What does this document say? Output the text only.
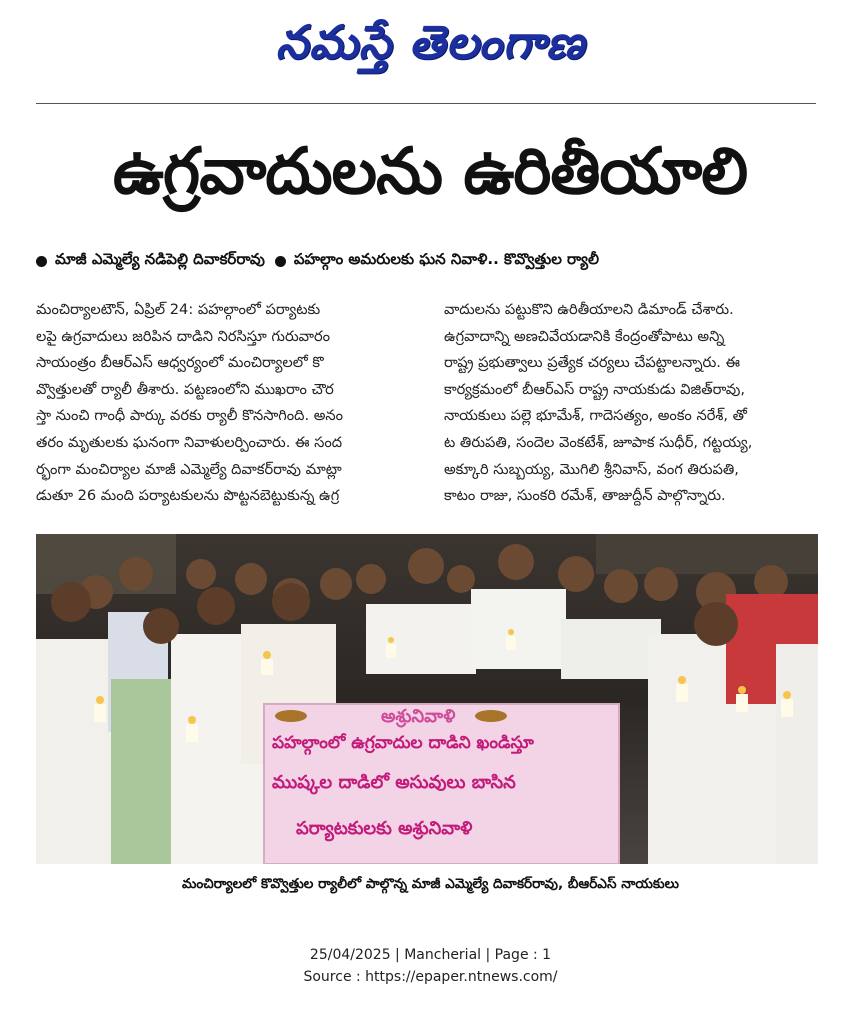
నమస్తే తెలంగాణ
ఉగ్రవాదులను ఉరితీయాలి
మాజీ ఎమ్మెల్యే నడిపెల్లి దివాకర్‌రావు పహల్గాం అమరులకు ఘన నివాళి.. కొవ్వొత్తుల ర్యాలీ
మంచిర్యాలటౌన్, ఏప్రిల్ 24: పహల్గాంలో పర్యాటకు
లపై ఉగ్రవాదులు జరిపిన దాడిని నిరసిస్తూ గురువారం
సాయంత్రం బీఆర్ఎస్ ఆధ్వర్యంలో మంచిర్యాలలో కొ
వ్వొత్తులతో ర్యాలీ తీశారు. పట్టణంలోని ముఖరాం చౌర
స్తా నుంచి గాంధీ పార్కు వరకు ర్యాలీ కొనసాగింది. అనం
తరం మృతులకు ఘనంగా నివాళులర్పించారు. ఈ సంద
ర్భంగా మంచిర్యాల మాజీ ఎమ్మెల్యే దివాకర్‌రావు మాట్లా
డుతూ 26 మంది పర్యాటకులను పొట్టనబెట్టుకున్న ఉగ్ర
వాదులను పట్టుకొని ఉరితీయాలని డిమాండ్ చేశారు.
ఉగ్రవాదాన్ని అణచివేయడానికి కేంద్రంతోపాటు అన్ని
రాష్ట్ర ప్రభుత్వాలు ప్రత్యేక చర్యలు చేపట్టాలన్నారు. ఈ
కార్యక్రమంలో బీఆర్ఎస్ రాష్ట్ర నాయకుడు విజిత్‌రావు,
నాయకులు పల్లె భూమేశ్, గాదెసత్యం, అంకం నరేశ్, తో
ట తిరుపతి, సందెల వెంకటేశ్, జూపాక సుధీర్, గట్టయ్య,
అక్కూరి సుబ్బయ్య, మొగిలి శ్రీనివాస్, వంగ తిరుపతి,
కాటం రాజు, సుంకరి రమేశ్, తాజుద్దీన్ పాల్గొన్నారు.
అశ్రునివాళి
పహల్గాంలో ఉగ్రవాదుల దాడిని ఖండిస్తూ
ముష్కల దాడిలో అసువులు బాసిన
పర్యాటకులకు అశ్రునివాళి
మంచిర్యాలలో కొవ్వొత్తుల ర్యాలీలో పాల్గొన్న మాజీ ఎమ్మెల్యే దివాకర్‌రావు, బీఆర్ఎస్ నాయకులు
25/04/2025 | Mancherial | Page : 1
Source : https://epaper.ntnews.com/
